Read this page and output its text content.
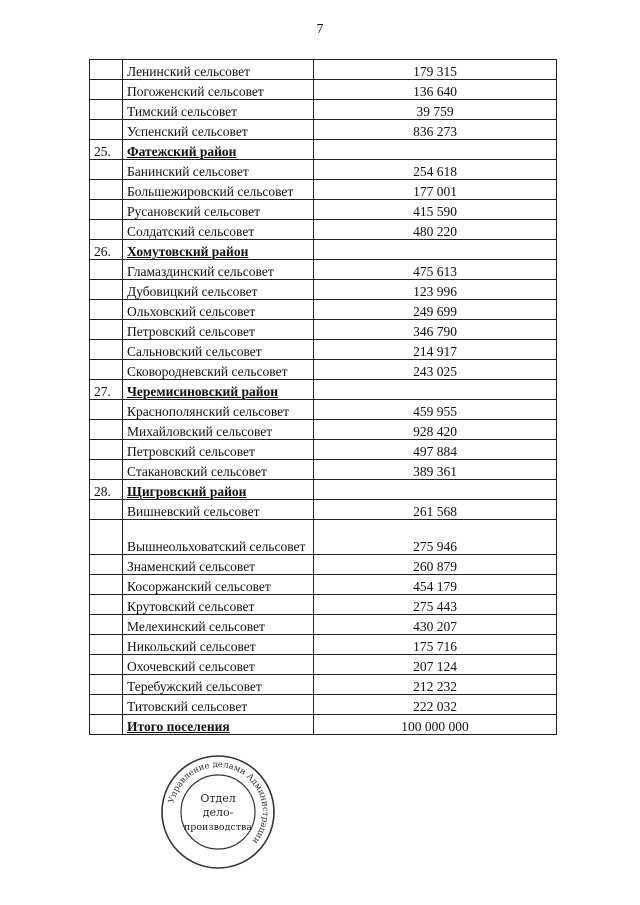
7
	Ленинский сельсовет	179 315
	Погоженский сельсовет	136 640
	Тимский сельсовет	39 759
	Успенский сельсовет	836 273
25.	Фатежский район	
	Банинский сельсовет	254 618
	Большежировский сельсовет	177 001
	Русановский сельсовет	415 590
	Солдатский сельсовет	480 220
26.	Хомутовский район	
	Гламаздинский сельсовет	475 613
	Дубовицкий сельсовет	123 996
	Ольховский сельсовет	249 699
	Петровский сельсовет	346 790
	Сальновский сельсовет	214 917
	Сковородневский сельсовет	243 025
27.	Черемисиновский район	
	Краснополянский сельсовет	459 955
	Михайловский сельсовет	928 420
	Петровский сельсовет	497 884
	Стакановский сельсовет	389 361
28.	Щигровский район	
	Вишневский сельсовет	261 568
	Вышнеольховатский сельсовет	275 946
	Знаменский сельсовет	260 879
	Косоржанский сельсовет	454 179
	Крутовский сельсовет	275 443
	Мелехинский сельсовет	430 207
	Никольский сельсовет	175 716
	Охочевский сельсовет	207 124
	Теребужский сельсовет	212 232
	Титовский сельсовет	222 032
	Итого поселения	100 000 000
Управление делами Администрации
Отдел
дело-
производства
